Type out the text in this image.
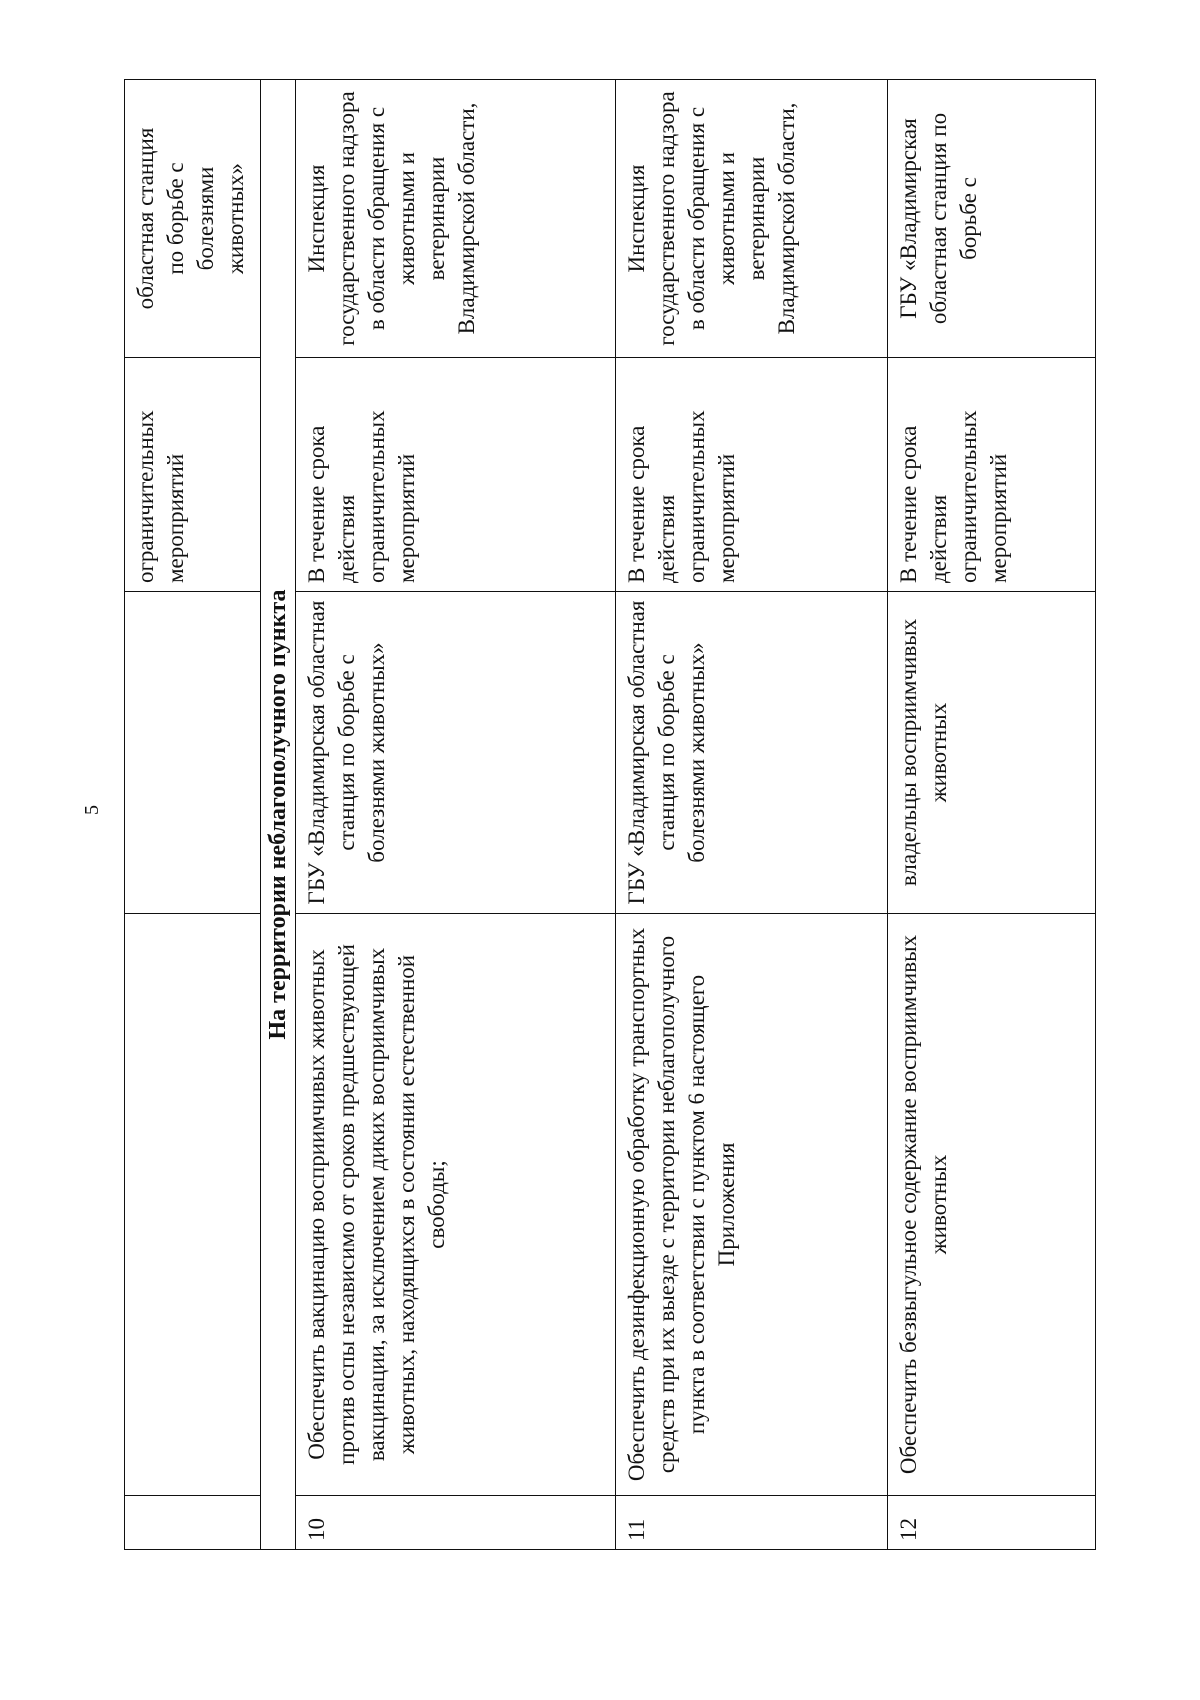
5
			ограничительных
мероприятий	областная станция
по борьбе с
болезнями
животных»
На территории неблагополучного пункта				
10	Обеспечить вакцинацию восприимчивых животных против оспы независимо от сроков предшествующей вакцинации, за исключением диких восприимчивых животных, находящихся в состоянии естественной свободы;	ГБУ «Владимирская областная станция по борьбе с болезнями животных»	В течение срока
действия
ограничительных
мероприятий	Инспекция государственного надзора в области обращения с животными и ветеринарии Владимирской области,
11	Обеспечить дезинфекционную обработку транспортных средств при их выезде с территории неблагополучного пункта в соответствии с пунктом 6 настоящего Приложения	ГБУ «Владимирская областная станция по борьбе с болезнями животных»	В течение срока
действия
ограничительных
мероприятий	Инспекция государственного надзора в области обращения с животными и ветеринарии Владимирской области,
12	Обеспечить безвыгульное содержание восприимчивых животных	владельцы восприимчивых животных	В течение срока
действия
ограничительных
мероприятий	ГБУ «Владимирская областная станция по борьбе с
